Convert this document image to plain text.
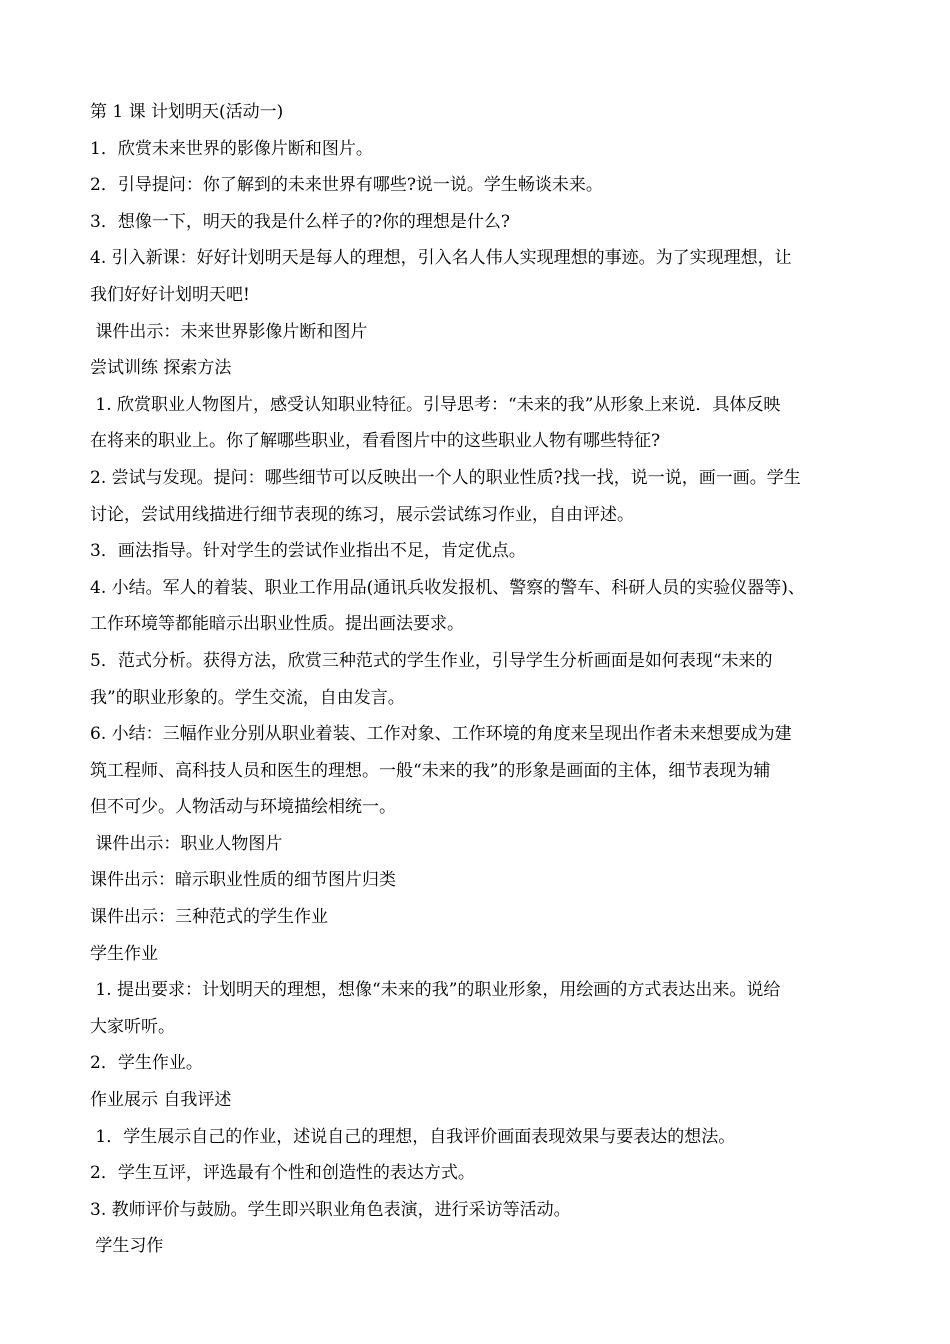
第 1 课 计划明天(活动一)
1．欣赏未来世界的影像片断和图片。
2．引导提问：你了解到的未来世界有哪些?说一说。学生畅谈未来。
3．想像一下，明天的我是什么样子的?你的理想是什么?
4. 引入新课：好好计划明天是每人的理想，引入名人伟人实现理想的事迹。为了实现理想，让
我们好好计划明天吧!
课件出示：未来世界影像片断和图片
尝试训练 探索方法
1. 欣赏职业人物图片，感受认知职业特征。引导思考：“未来的我”从形象上来说．具体反映
在将来的职业上。你了解哪些职业，看看图片中的这些职业人物有哪些特征?
2. 尝试与发现。提问：哪些细节可以反映出一个人的职业性质?找一找，说一说，画一画。学生
讨论，尝试用线描进行细节表现的练习，展示尝试练习作业，自由评述。
3．画法指导。针对学生的尝试作业指出不足，肯定优点。
4. 小结。军人的着装、职业工作用品(通讯兵收发报机、警察的警车、科研人员的实验仪器等)、
工作环境等都能暗示出职业性质。提出画法要求。
5．范式分析。获得方法，欣赏三种范式的学生作业，引导学生分析画面是如何表现“未来的
我”的职业形象的。学生交流，自由发言。
6. 小结：三幅作业分别从职业着装、工作对象、工作环境的角度来呈现出作者未来想要成为建
筑工程师、高科技人员和医生的理想。一般“未来的我”的形象是画面的主体，细节表现为辅
但不可少。人物活动与环境描绘相统一。
课件出示：职业人物图片
课件出示：暗示职业性质的细节图片归类
课件出示：三种范式的学生作业
学生作业
1. 提出要求：计划明天的理想，想像“未来的我”的职业形象，用绘画的方式表达出来。说给
大家听听。
2．学生作业。
作业展示 自我评述
1．学生展示自己的作业，述说自己的理想，自我评价画面表现效果与要表达的想法。
2．学生互评，评选最有个性和创造性的表达方式。
3. 教师评价与鼓励。学生即兴职业角色表演，进行采访等活动。
学生习作
